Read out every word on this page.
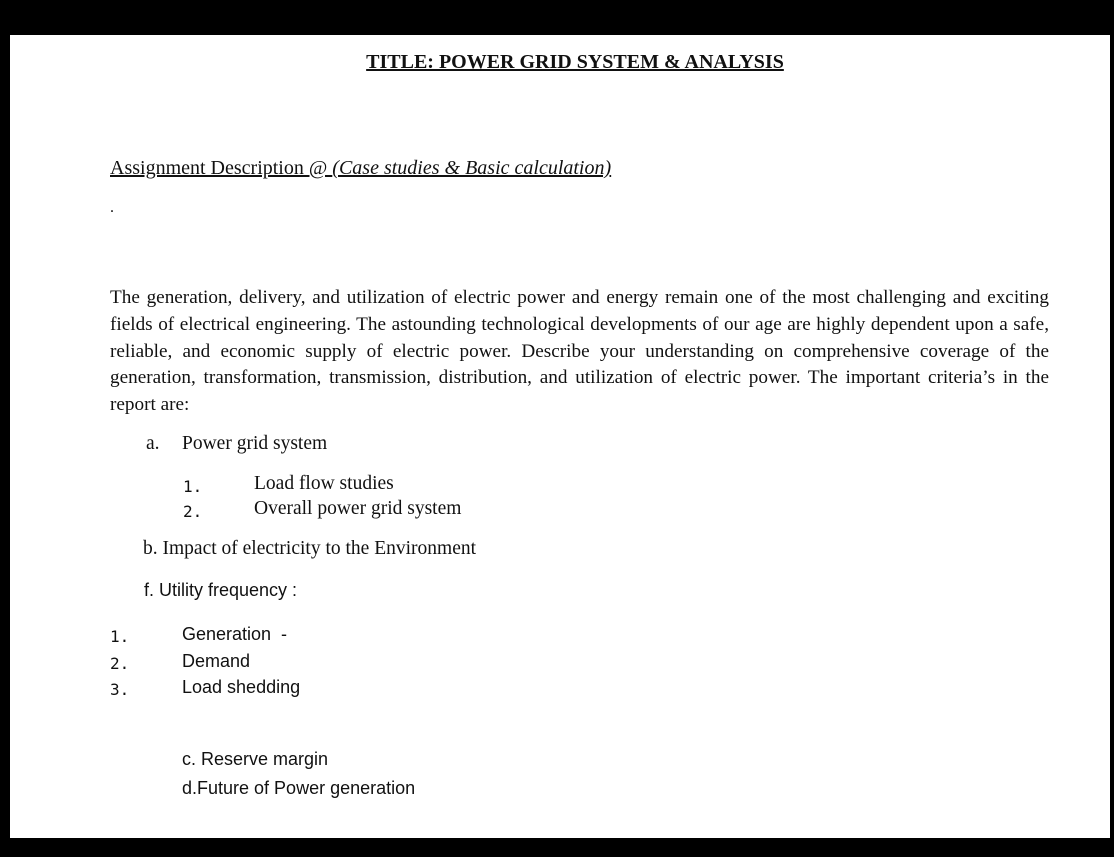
TITLE: POWER GRID SYSTEM & ANALYSIS
Assignment Description @ (Case studies & Basic calculation)
.
The generation, delivery, and utilization of electric power and energy remain one of the most challenging and exciting fields of electrical engineering. The astounding technological developments of our age are highly dependent upon a safe, reliable, and economic supply of electric power. Describe your understanding on comprehensive coverage of the generation, transformation, transmission, distribution, and utilization of electric power. The important criteria’s in the report are:
a. Power grid system
1.	Load flow studies
2.	Overall power grid system
b. Impact of electricity to the Environment
f. Utility frequency :
1.	Generation  -
2.	Demand
3.	Load shedding
c. Reserve margin
d.Future of Power generation
